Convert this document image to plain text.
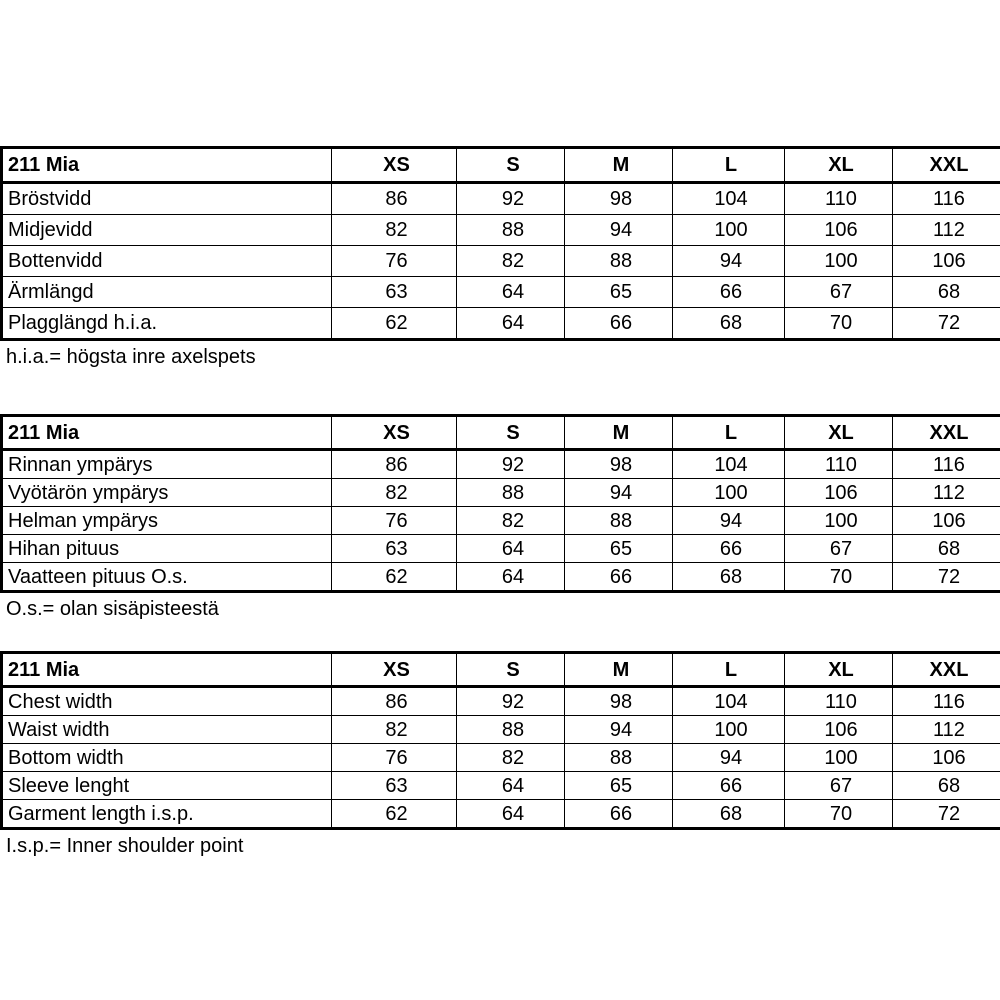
211 Mia	XS	S	M	L	XL	XXL
Bröstvidd	86	92	98	104	110	116
Midjevidd	82	88	94	100	106	112
Bottenvidd	76	82	88	94	100	106
Ärmlängd	63	64	65	66	67	68
Plagglängd h.i.a.	62	64	66	68	70	72
h.i.a.= högsta inre axelspets
211 Mia	XS	S	M	L	XL	XXL
Rinnan ympärys	86	92	98	104	110	116
Vyötärön ympärys	82	88	94	100	106	112
Helman ympärys	76	82	88	94	100	106
Hihan pituus	63	64	65	66	67	68
Vaatteen pituus O.s.	62	64	66	68	70	72
O.s.= olan sisäpisteestä
211 Mia	XS	S	M	L	XL	XXL
Chest width	86	92	98	104	110	116
Waist width	82	88	94	100	106	112
Bottom width	76	82	88	94	100	106
Sleeve lenght	63	64	65	66	67	68
Garment length i.s.p.	62	64	66	68	70	72
I.s.p.= Inner shoulder point
